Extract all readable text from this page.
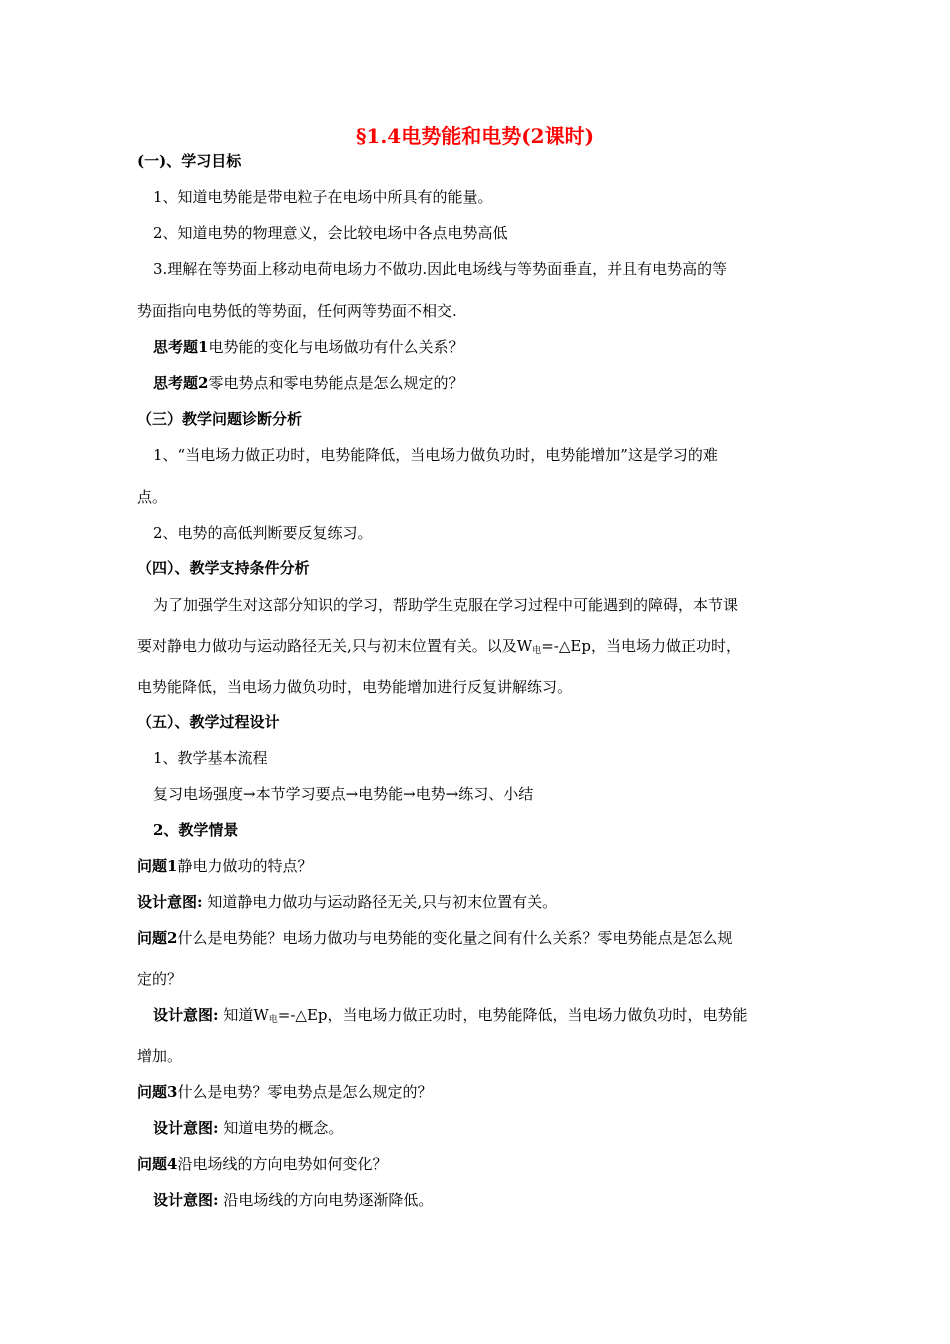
§1.4电势能和电势(2课时)
(一)、学习目标
1、知道电势能是带电粒子在电场中所具有的能量。
2、知道电势的物理意义，会比较电场中各点电势高低
3.理解在等势面上移动电荷电场力不做功.因此电场线与等势面垂直，并且有电势高的等
势面指向电势低的等势面，任何两等势面不相交.
思考题1电势能的变化与电场做功有什么关系？
思考题2零电势点和零电势能点是怎么规定的？
（三）教学问题诊断分析
1、“当电场力做正功时，电势能降低，当电场力做负功时，电势能增加”这是学习的难
点。
2、电势的高低判断要反复练习。
（四）、教学支持条件分析
为了加强学生对这部分知识的学习，帮助学生克服在学习过程中可能遇到的障碍，本节课
要对静电力做功与运动路径无关,只与初末位置有关。以及$W_电=-\triangle Ep$，当电场力做正功时，
电势能降低，当电场力做负功时，电势能增加进行反复讲解练习。
（五）、教学过程设计
1、教学基本流程
复习电场强度→本节学习要点→电势能→电势→练习、小结
2、教学情景
问题1静电力做功的特点？
设计意图: 知道静电力做功与运动路径无关,只与初末位置有关。
问题2什么是电势能？电场力做功与电势能的变化量之间有什么关系？零电势能点是怎么规
定的？
设计意图: 知道$W_电=-\triangle Ep$，当电场力做正功时，电势能降低，当电场力做负功时，电势能
增加。
问题3什么是电势？零电势点是怎么规定的？
设计意图: 知道电势的概念。
问题4沿电场线的方向电势如何变化？
设计意图: 沿电场线的方向电势逐渐降低。
